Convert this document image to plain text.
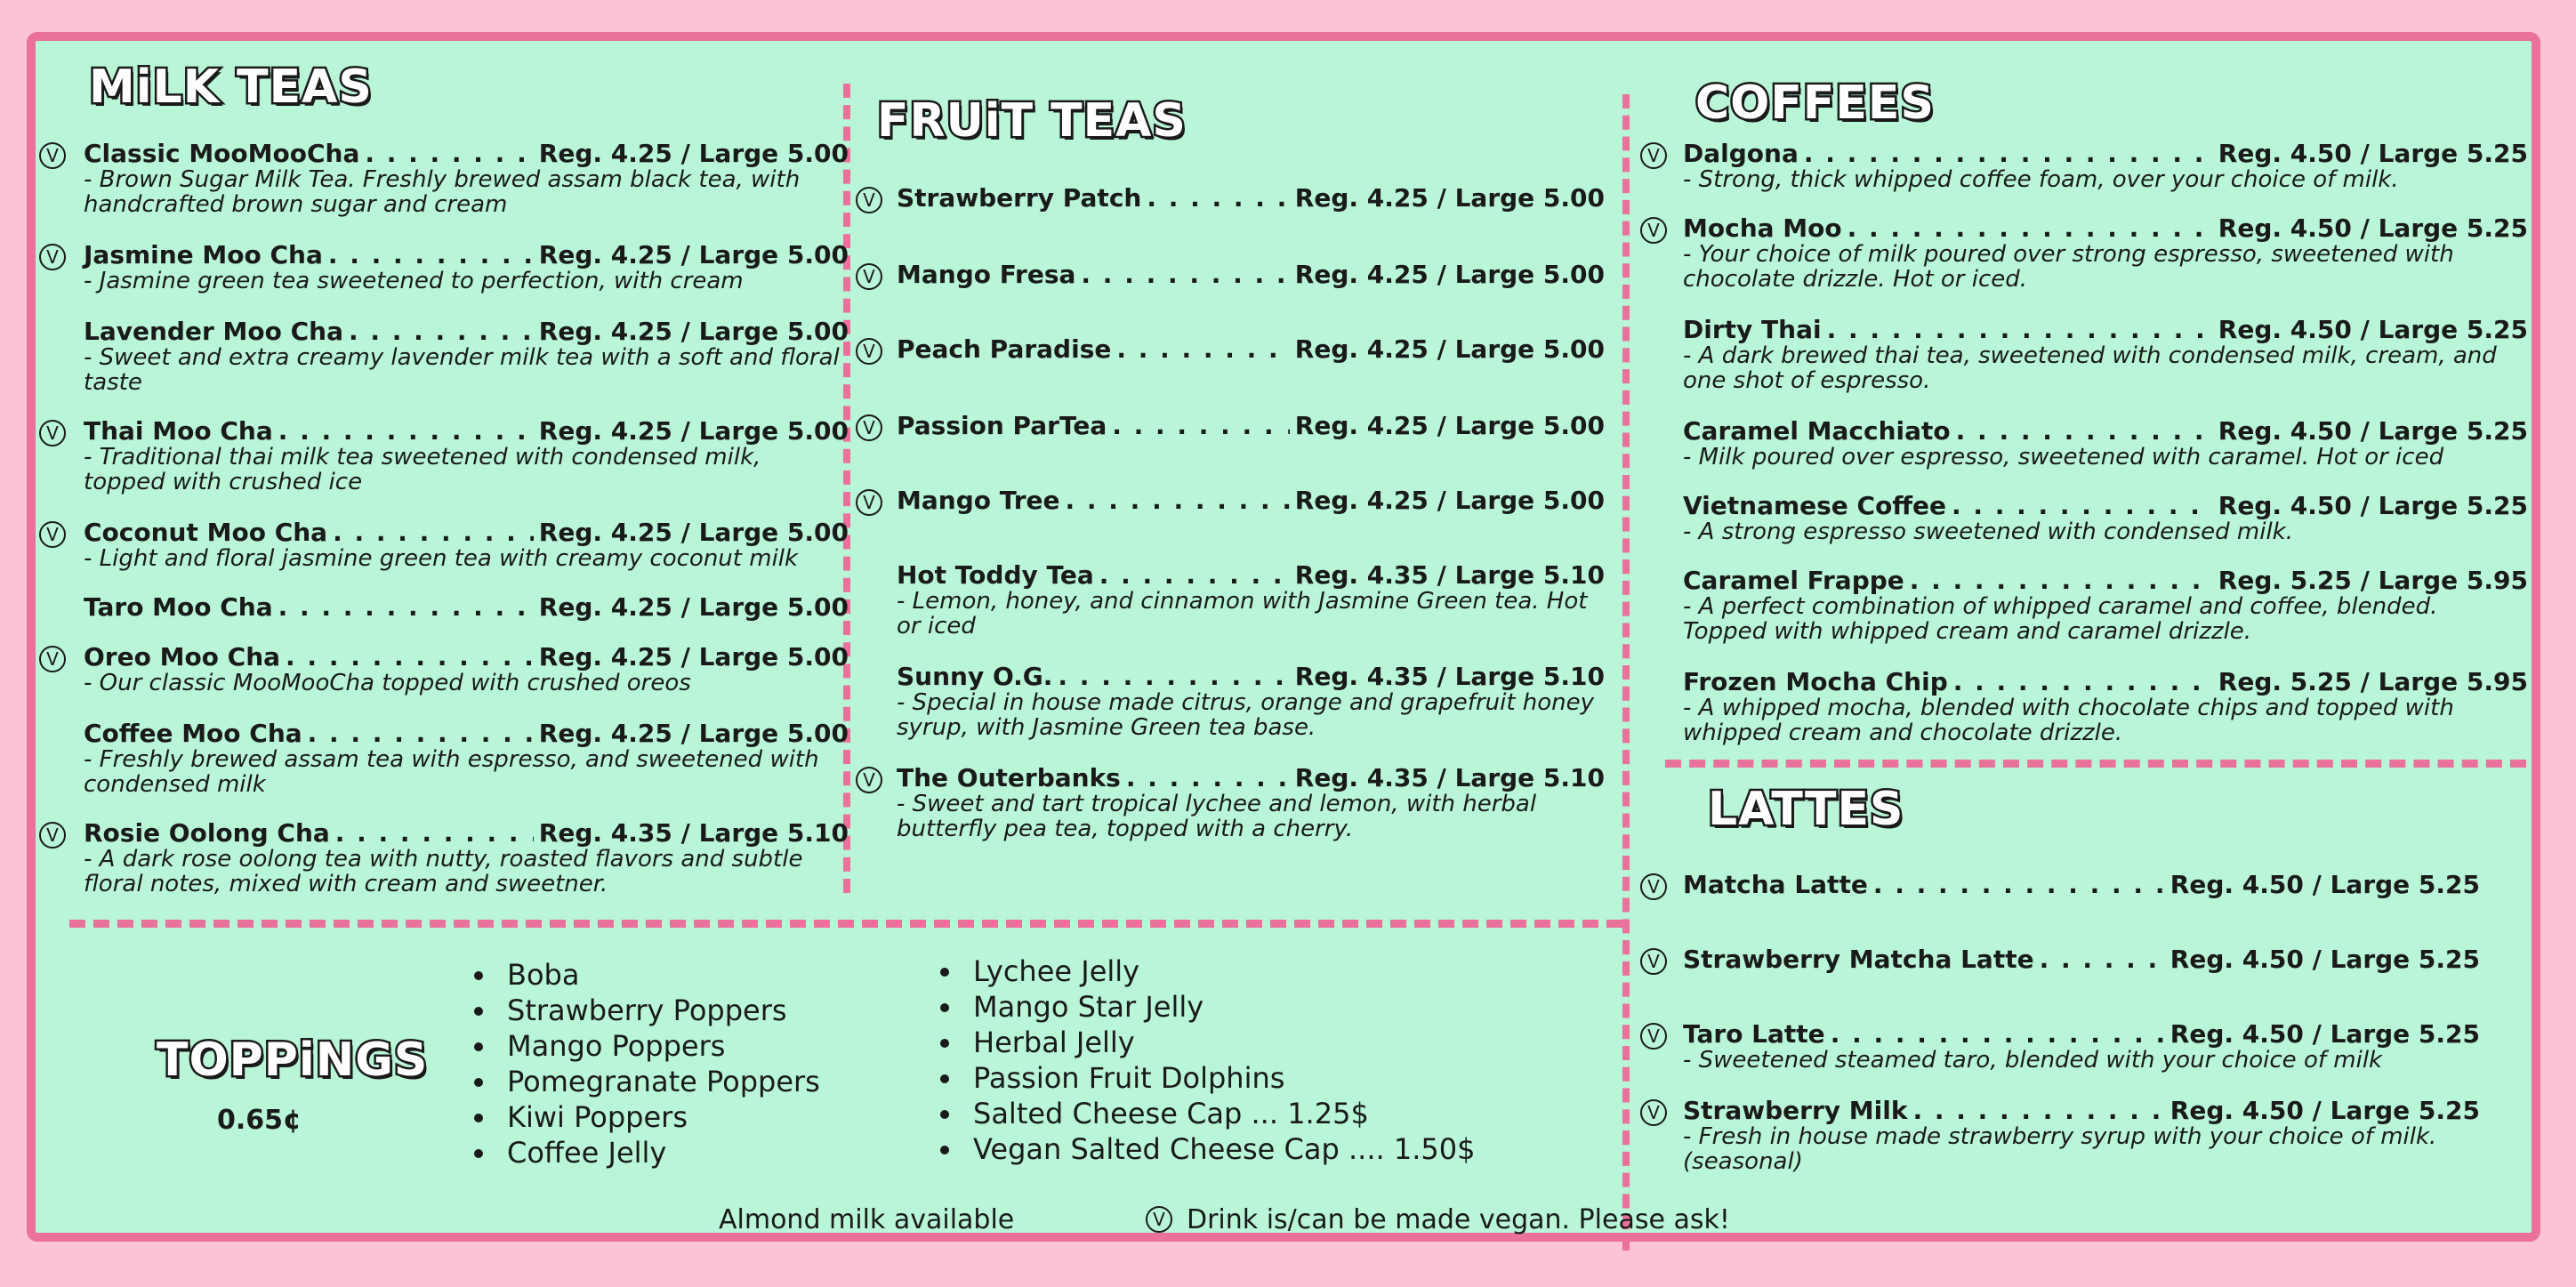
MiLK TEAS
FRUiT TEAS	COFFEES
LATTES
TOPPiNGS
0.65¢
V Classic MooMooCha . . .	Reg. 4.25 / Large 5.00
- Brown Sugar Milk Tea. Freshly brewed assam black tea, with handcrafted brown sugar and cream
V Jasmine Moo Cha . . .	Reg. 4.25 / Large 5.00
- Jasmine green tea sweetened to perfection, with cream
Lavender Moo Cha . . .	Reg. 4.25 / Large 5.00
- Sweet and extra creamy lavender milk tea with a soft and floral taste
V Thai Moo Cha . . .	Reg. 4.25 / Large 5.00
- Traditional thai milk tea sweetened with condensed milk, topped with crushed ice
V Coconut Moo Cha . . .	Reg. 4.25 / Large 5.00
- Light and floral jasmine green tea with creamy coconut milk
Taro Moo Cha . . .	Reg. 4.25 / Large 5.00
V Oreo Moo Cha . . .	Reg. 4.25 / Large 5.00
- Our classic MooMooCha topped with crushed oreos
Coffee Moo Cha . . .	Reg. 4.25 / Large 5.00
- Freshly brewed assam tea with espresso, and sweetened with condensed milk
V Rosie Oolong Cha . . .	Reg. 4.35 / Large 5.10
- A dark rose oolong tea with nutty, roasted flavors and subtle floral notes, mixed with cream and sweetner.
V Strawberry Patch . . .	Reg. 4.25 / Large 5.00
V Mango Fresa . . .	Reg. 4.25 / Large 5.00
V Peach Paradise . . .	Reg. 4.25 / Large 5.00
V Passion ParTea . . .	Reg. 4.25 / Large 5.00
V Mango Tree . . .	Reg. 4.25 / Large 5.00
Hot Toddy Tea . . .	Reg. 4.35 / Large 5.10
- Lemon, honey, and cinnamon with Jasmine Green tea. Hot or iced
Sunny O.G. . . .	Reg. 4.35 / Large 5.10
- Special in house made citrus, orange and grapefruit honey syrup, with Jasmine Green tea base.
V The Outerbanks . . .	Reg. 4.35 / Large 5.10
- Sweet and tart tropical lychee and lemon, with herbal butterfly pea tea, topped with a cherry.
V Dalgona . . .	Reg. 4.50 / Large 5.25
- Strong, thick whipped coffee foam, over your choice of milk.
V Mocha Moo . . .	Reg. 4.50 / Large 5.25
- Your choice of milk poured over strong espresso, sweetened with chocolate drizzle. Hot or iced.
Dirty Thai . . .	Reg. 4.50 / Large 5.25
- A dark brewed thai tea, sweetened with condensed milk, cream, and one shot of espresso.
Caramel Macchiato . . .	Reg. 4.50 / Large 5.25
- Milk poured over espresso, sweetened with caramel. Hot or iced
Vietnamese Coffee . . .	Reg. 4.50 / Large 5.25
- A strong espresso sweetened with condensed milk.
Caramel Frappe . . .	Reg. 5.25 / Large 5.95
- A perfect combination of whipped caramel and coffee, blended. Topped with whipped cream and caramel drizzle.
Frozen Mocha Chip . . .	Reg. 5.25 / Large 5.95
- A whipped mocha, blended with chocolate chips and topped with whipped cream and chocolate drizzle.
V Matcha Latte . . .	Reg. 4.50 / Large 5.25
V Strawberry Matcha Latte . . .	Reg. 4.50 / Large 5.25
V Taro Latte . . .	Reg. 4.50 / Large 5.25
- Sweetened steamed taro, blended with your choice of milk
V Strawberry Milk . . .	Reg. 4.50 / Large 5.25
- Fresh in house made strawberry syrup with your choice of milk. (seasonal)
• Boba
• Strawberry Poppers
• Mango Poppers
• Pomegranate Poppers
• Kiwi Poppers
• Coffee Jelly
• Lychee Jelly
• Mango Star Jelly
• Herbal Jelly
• Passion Fruit Dolphins
• Salted Cheese Cap ... 1.25$
• Vegan Salted Cheese Cap .... 1.50$
Almond milk available	V Drink is/can be made vegan. Please ask!
